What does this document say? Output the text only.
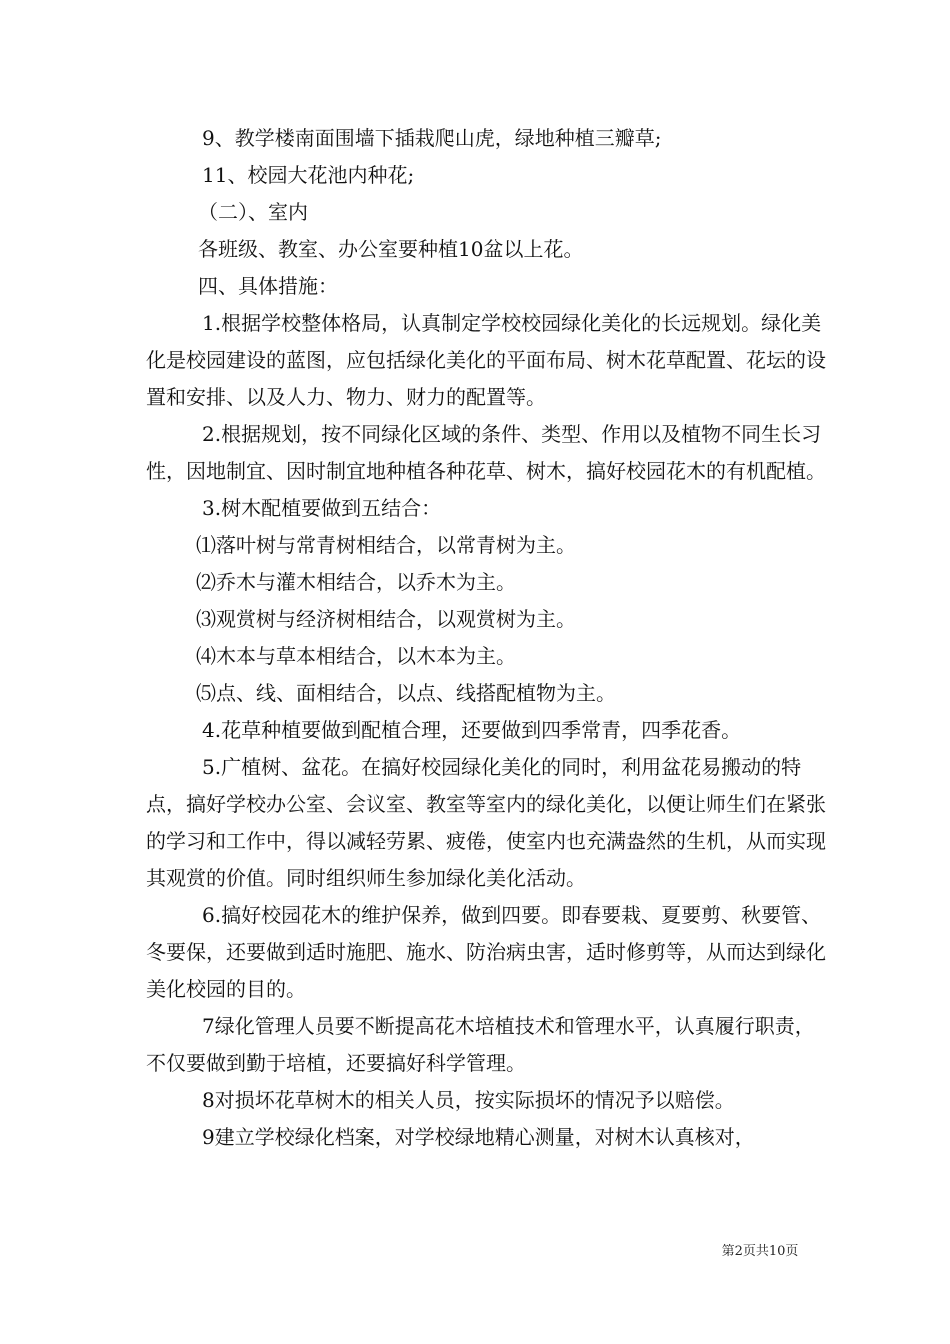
9、教学楼南面围墙下插栽爬山虎，绿地种植三瓣草;

11、校园大花池内种花;

（二）、室内

各班级、教室、办公室要种植10盆以上花。

四、具体措施：

1.根据学校整体格局，认真制定学校校园绿化美化的长远规划。绿化美化是校园建设的蓝图，应包括绿化美化的平面布局、树木花草配置、花坛的设置和安排、以及人力、物力、财力的配置等。

2.根据规划，按不同绿化区域的条件、类型、作用以及植物不同生长习性，因地制宜、因时制宜地种植各种花草、树木，搞好校园花木的有机配植。

3.树木配植要做到五结合：

⑴落叶树与常青树相结合，以常青树为主。

⑵乔木与灌木相结合，以乔木为主。

⑶观赏树与经济树相结合，以观赏树为主。

⑷木本与草本相结合，以木本为主。

⑸点、线、面相结合，以点、线搭配植物为主。

4.花草种植要做到配植合理，还要做到四季常青，四季花香。

5.广植树、盆花。在搞好校园绿化美化的同时，利用盆花易搬动的特点，搞好学校办公室、会议室、教室等室内的绿化美化，以便让师生们在紧张的学习和工作中，得以减轻劳累、疲倦，使室内也充满盎然的生机，从而实现其观赏的价值。同时组织师生参加绿化美化活动。

6.搞好校园花木的维护保养，做到四要。即春要栽、夏要剪、秋要管、冬要保，还要做到适时施肥、施水、防治病虫害，适时修剪等，从而达到绿化美化校园的目的。

7绿化管理人员要不断提高花木培植技术和管理水平，认真履行职责，不仅要做到勤于培植，还要搞好科学管理。

8对损坏花草树木的相关人员，按实际损坏的情况予以赔偿。

9建立学校绿化档案，对学校绿地精心测量，对树木认真核对，

第2页共10页
